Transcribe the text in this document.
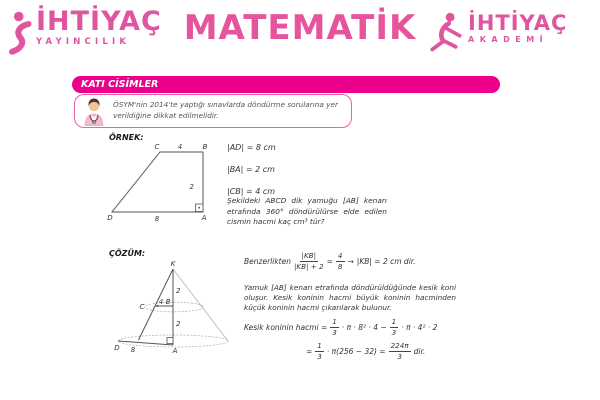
İHTİYAÇ
YAYINCILIK	MATEMATİK	İHTİYAÇ
AKADEMİ
KATI CİSİMLER
ÖSYM'nin 2014'te yaptığı sınavlarda döndürme sorularına yer verildiğine dikkat edilmelidir.
ÖRNEK:
C	4	B
2
D	8	A
|AD| = 8 cm
|BA| = 2 cm
|CB| = 4 cm
Şekildeki ABCD dik yamuğu [AB] kenarı etrafında 360° döndürülürse elde edilen cismin hacmi kaç cm³ tür?
ÇÖZÜM:
K
2
C
4 B
2
D 8	A
Benzerlikten $\frac{|KB|}{|KB| + 2} = \frac{4}{8} \to |KB| = 2$ cm dir.
Yamuk [AB] kenarı etrafında döndürüldüğünde kesik koni oluşur. Kesik koninin hacmi büyük koninin hacminden küçük koninin hacmi çıkarılarak bulunur.
Kesik koninin hacmi = $\frac{1}{3} \cdot \pi \cdot 8^2 \cdot 4 - \frac{1}{3} \cdot \pi \cdot 4^2 \cdot 2$
= $\frac{1}{3} \cdot \pi(256 - 32) = \frac{224\pi}{3}$ dir.
